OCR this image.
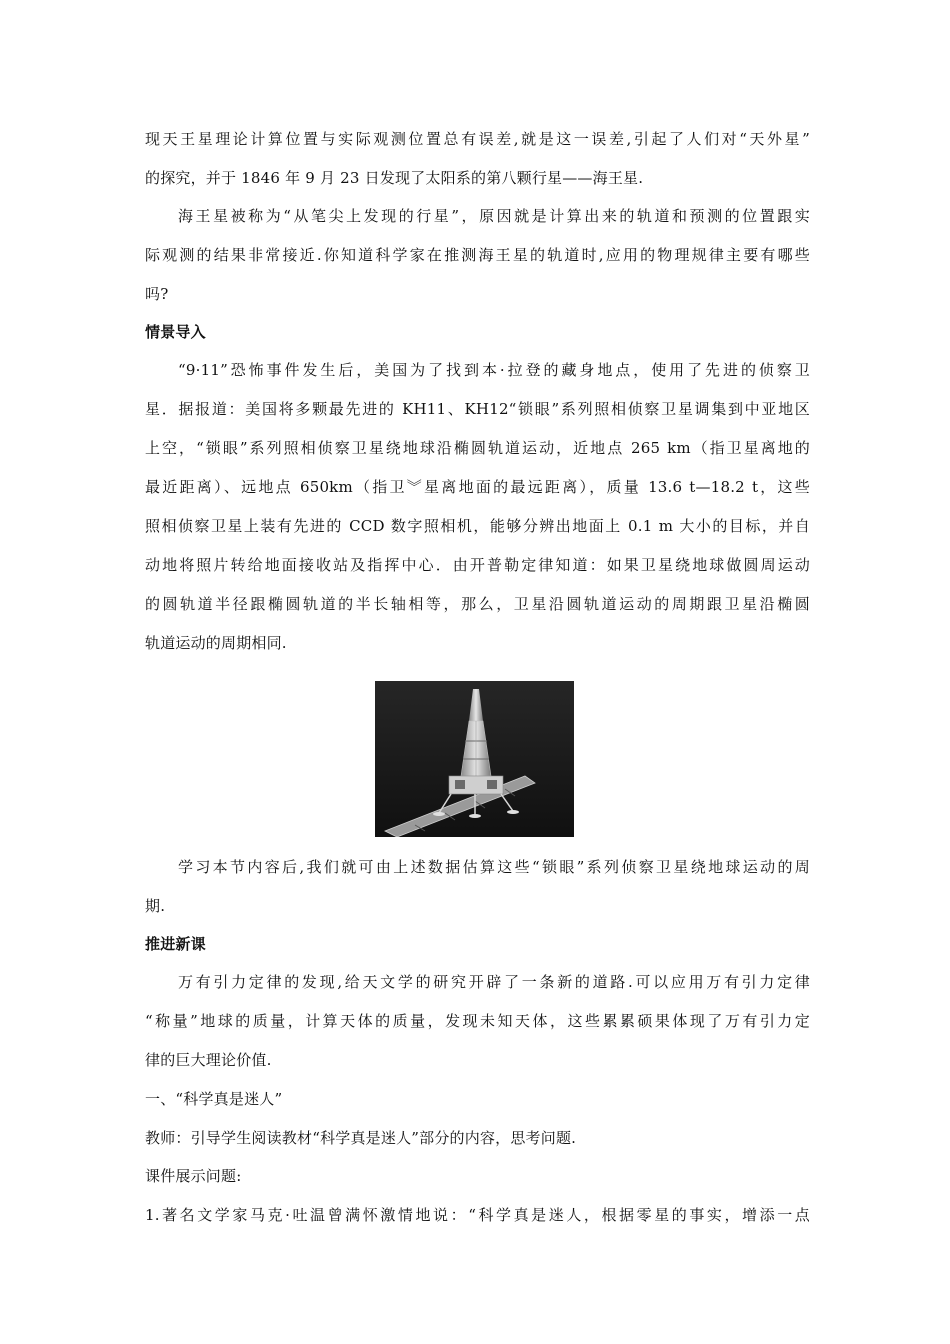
现天王星理论计算位置与实际观测位置总有误差,就是这一误差,引起了人们对“天外星”
的探究，并于 1846 年 9 月 23 日发现了太阳系的第八颗行星——海王星.
海王星被称为“从笔尖上发现的行星”，原因就是计算出来的轨道和预测的位置跟实
际观测的结果非常接近.你知道科学家在推测海王星的轨道时,应用的物理规律主要有哪些
吗?
情景导入
“9·11”恐怖事件发生后，美国为了找到本·拉登的藏身地点，使用了先进的侦察卫
星．据报道：美国将多颗最先进的 KH11、KH12“锁眼”系列照相侦察卫星调集到中亚地区
上空，“锁眼”系列照相侦察卫星绕地球沿椭圆轨道运动，近地点 265 km（指卫星离地的
最近距离）、远地点 650km（指卫︾星离地面的最远距离），质量 13.6 t—18.2 t，这些
照相侦察卫星上装有先进的 CCD 数字照相机，能够分辨出地面上 0.1 m 大小的目标，并自
动地将照片转给地面接收站及指挥中心．由开普勒定律知道：如果卫星绕地球做圆周运动
的圆轨道半径跟椭圆轨道的半长轴相等，那么，卫星沿圆轨道运动的周期跟卫星沿椭圆
轨道运动的周期相同.
学习本节内容后,我们就可由上述数据估算这些“锁眼”系列侦察卫星绕地球运动的周
期.
推进新课
万有引力定律的发现,给天文学的研究开辟了一条新的道路.可以应用万有引力定律
“称量”地球的质量，计算天体的质量，发现未知天体，这些累累硕果体现了万有引力定
律的巨大理论价值.
一、“科学真是迷人”
教师：引导学生阅读教材“科学真是迷人”部分的内容，思考问题.
课件展示问题:
1.著名文学家马克·吐温曾满怀激情地说：“科学真是迷人，根据零星的事实，增添一点
